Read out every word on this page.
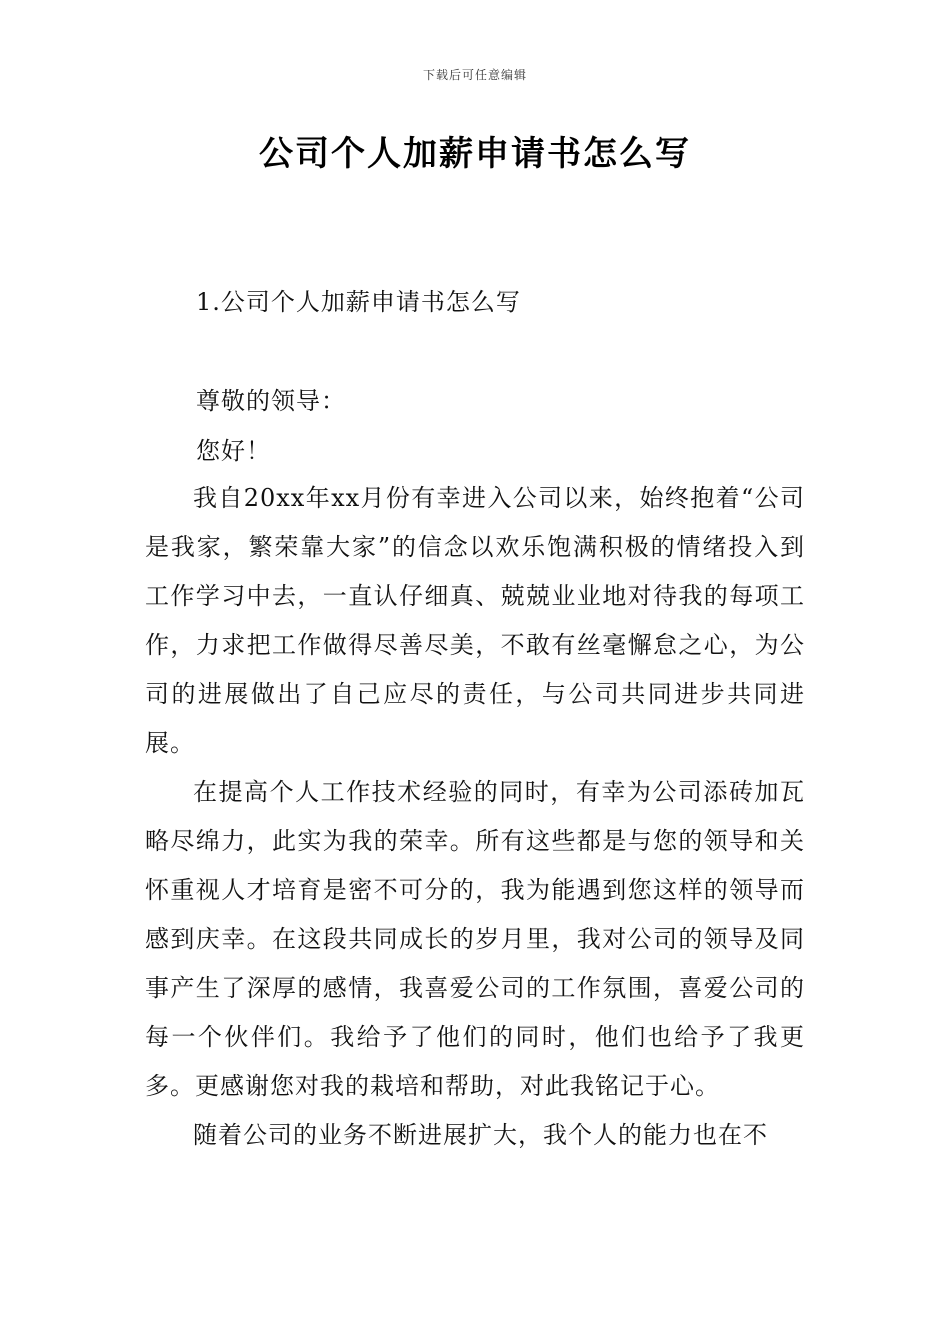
下载后可任意编辑
公司个人加薪申请书怎么写
1.公司个人加薪申请书怎么写
尊敬的领导：
您好！

我自20xx年xx月份有幸进入公司以来，始终抱着“公司是我家，繁荣靠大家”的信念以欢乐饱满积极的情绪投入到工作学习中去，一直认仔细真、兢兢业业地对待我的每项工作，力求把工作做得尽善尽美，不敢有丝毫懈怠之心，为公司的进展做出了自己应尽的责任，与公司共同进步共同进展。

在提高个人工作技术经验的同时，有幸为公司添砖加瓦略尽绵力，此实为我的荣幸。所有这些都是与您的领导和关怀重视人才培育是密不可分的，我为能遇到您这样的领导而感到庆幸。在这段共同成长的岁月里，我对公司的领导及同事产生了深厚的感情，我喜爱公司的工作氛围，喜爱公司的每一个伙伴们。我给予了他们的同时，他们也给予了我更多。更感谢您对我的栽培和帮助，对此我铭记于心。

随着公司的业务不断进展扩大，我个人的能力也在不
